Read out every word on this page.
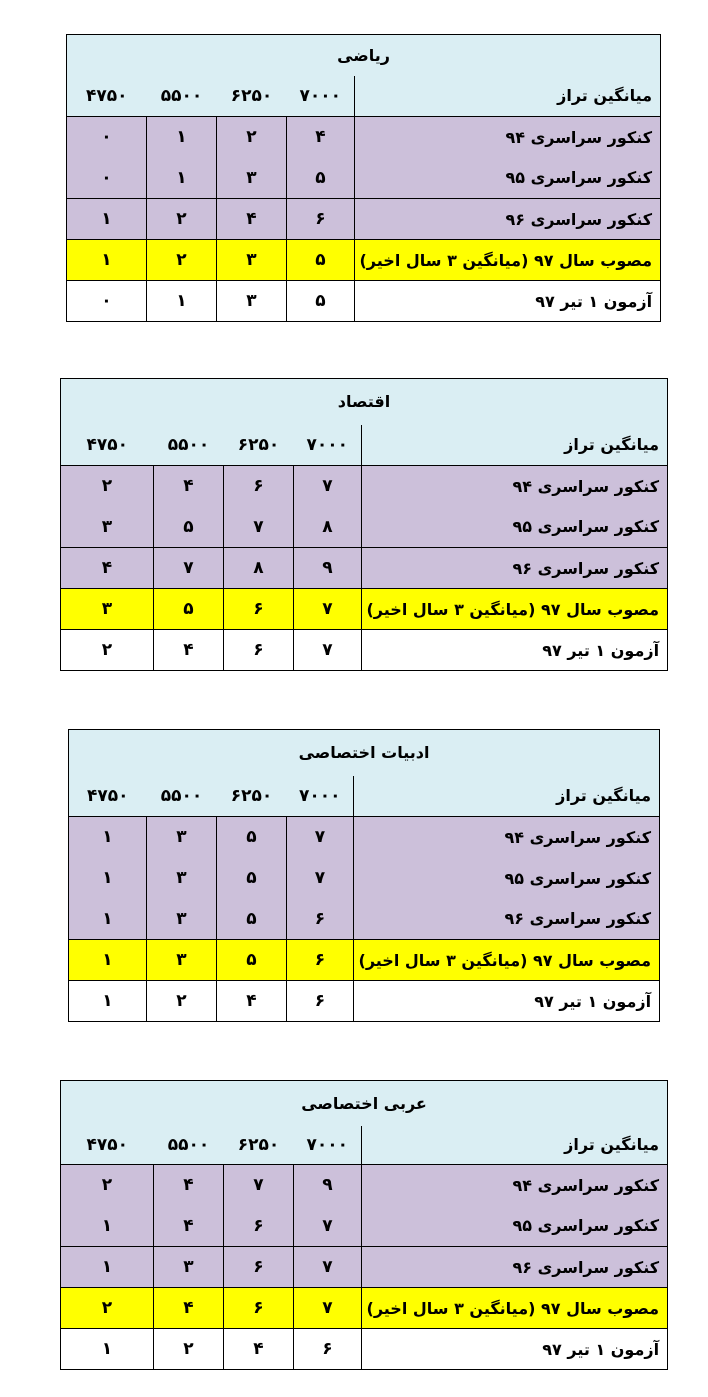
ریاضی				
۴۷۵۰	۵۵۰۰	۶۲۵۰	۷۰۰۰	میانگین تراز
۰	۱	۲	۴	کنکور سراسری ۹۴
۰	۱	۳	۵	کنکور سراسری ۹۵
۱	۲	۴	۶	کنکور سراسری ۹۶
۱	۲	۳	۵	مصوب سال ۹۷ (میانگین ۳ سال اخیر)
۰	۱	۳	۵	آزمون ۱ تیر ۹۷
اقتصاد				
۴۷۵۰	۵۵۰۰	۶۲۵۰	۷۰۰۰	میانگین تراز
۲	۴	۶	۷	کنکور سراسری ۹۴
۳	۵	۷	۸	کنکور سراسری ۹۵
۴	۷	۸	۹	کنکور سراسری ۹۶
۳	۵	۶	۷	مصوب سال ۹۷ (میانگین ۳ سال اخیر)
۲	۴	۶	۷	آزمون ۱ تیر ۹۷
ادبیات اختصاصی				
۴۷۵۰	۵۵۰۰	۶۲۵۰	۷۰۰۰	میانگین تراز
۱	۳	۵	۷	کنکور سراسری ۹۴
۱	۳	۵	۷	کنکور سراسری ۹۵
۱	۳	۵	۶	کنکور سراسری ۹۶
۱	۳	۵	۶	مصوب سال ۹۷ (میانگین ۳ سال اخیر)
۱	۲	۴	۶	آزمون ۱ تیر ۹۷
عربی اختصاصی				
۴۷۵۰	۵۵۰۰	۶۲۵۰	۷۰۰۰	میانگین تراز
۲	۴	۷	۹	کنکور سراسری ۹۴
۱	۴	۶	۷	کنکور سراسری ۹۵
۱	۳	۶	۷	کنکور سراسری ۹۶
۲	۴	۶	۷	مصوب سال ۹۷ (میانگین ۳ سال اخیر)
۱	۲	۴	۶	آزمون ۱ تیر ۹۷
